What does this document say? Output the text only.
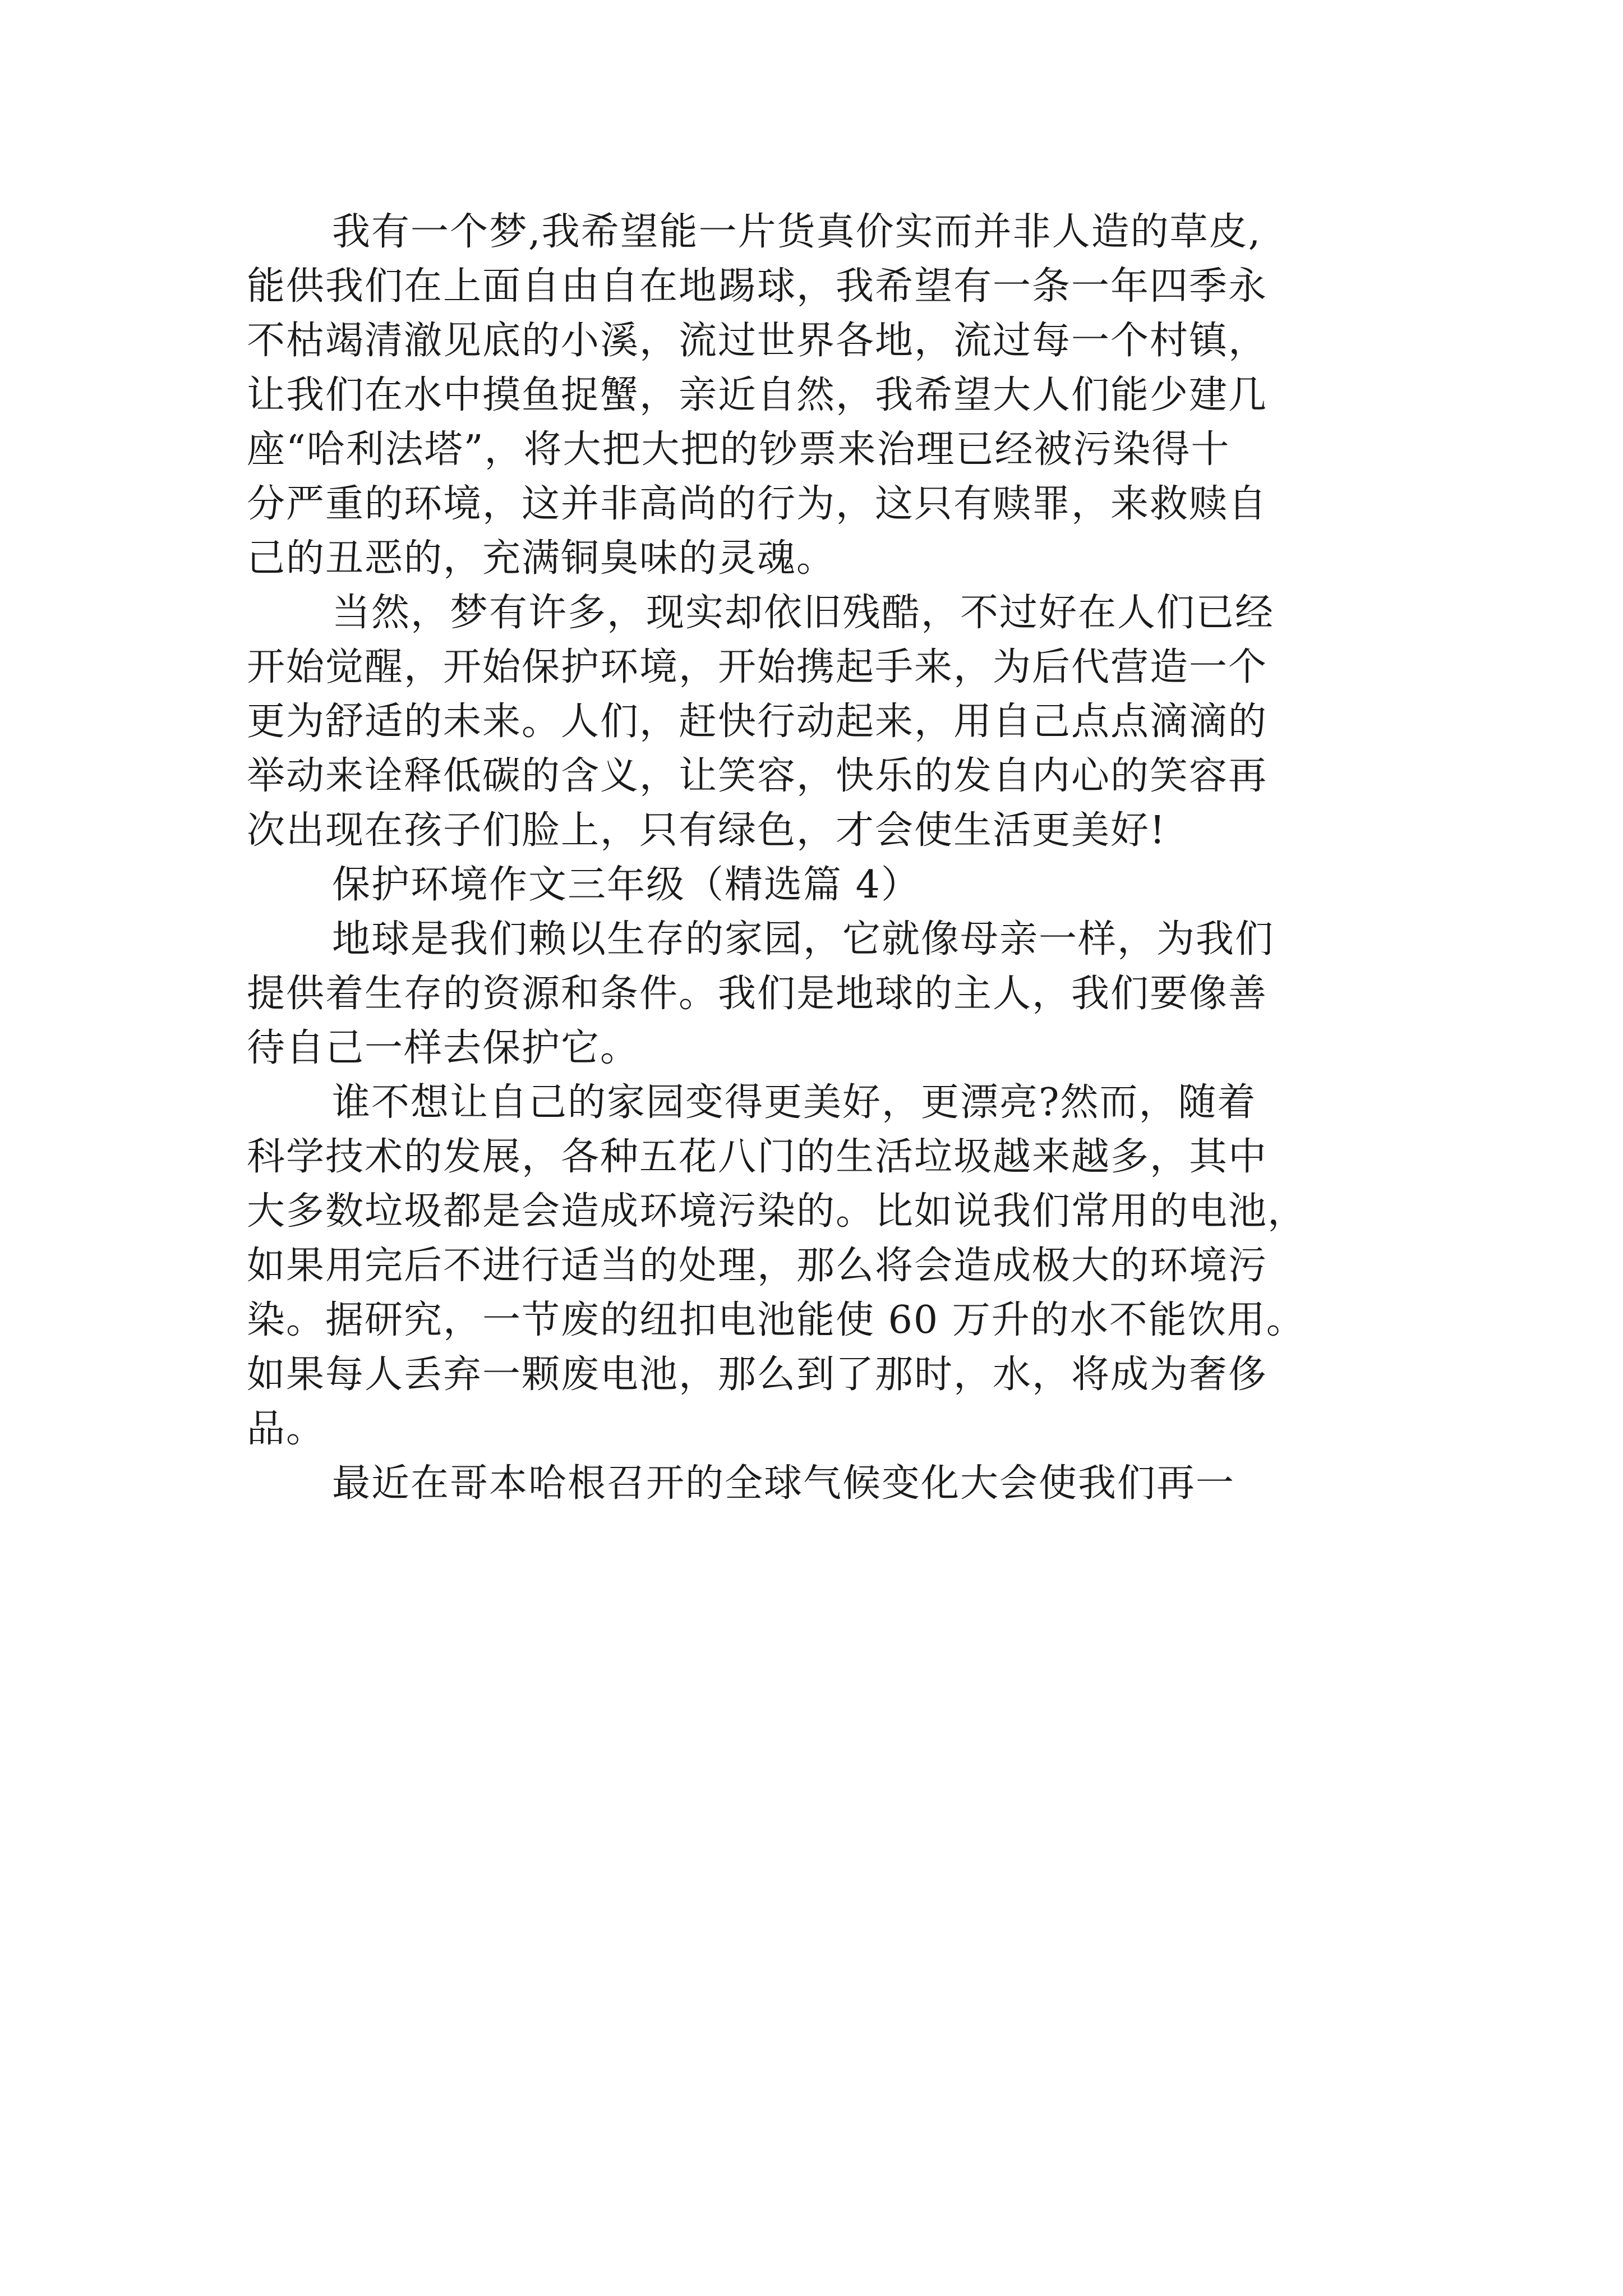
我有一个梦,我希望能一片货真价实而并非人造的草皮,
能供我们在上面自由自在地踢球，我希望有一条一年四季永
不枯竭清澈见底的小溪，流过世界各地，流过每一个村镇，
让我们在水中摸鱼捉蟹，亲近自然，我希望大人们能少建几
座“哈利法塔”，将大把大把的钞票来治理已经被污染得十
分严重的环境，这并非高尚的行为，这只有赎罪，来救赎自
己的丑恶的，充满铜臭味的灵魂。
当然，梦有许多，现实却依旧残酷，不过好在人们已经
开始觉醒，开始保护环境，开始携起手来，为后代营造一个
更为舒适的未来。人们，赶快行动起来，用自己点点滴滴的
举动来诠释低碳的含义，让笑容，快乐的发自内心的笑容再
次出现在孩子们脸上，只有绿色，才会使生活更美好!
保护环境作文三年级（精选篇 4）
地球是我们赖以生存的家园，它就像母亲一样，为我们
提供着生存的资源和条件。我们是地球的主人，我们要像善
待自己一样去保护它。
谁不想让自己的家园变得更美好，更漂亮?然而，随着
科学技术的发展，各种五花八门的生活垃圾越来越多，其中
大多数垃圾都是会造成环境污染的。比如说我们常用的电池，
如果用完后不进行适当的处理，那么将会造成极大的环境污
染。据研究，一节废的纽扣电池能使 60 万升的水不能饮用。
如果每人丢弃一颗废电池，那么到了那时，水，将成为奢侈
品。
最近在哥本哈根召开的全球气候变化大会使我们再一
